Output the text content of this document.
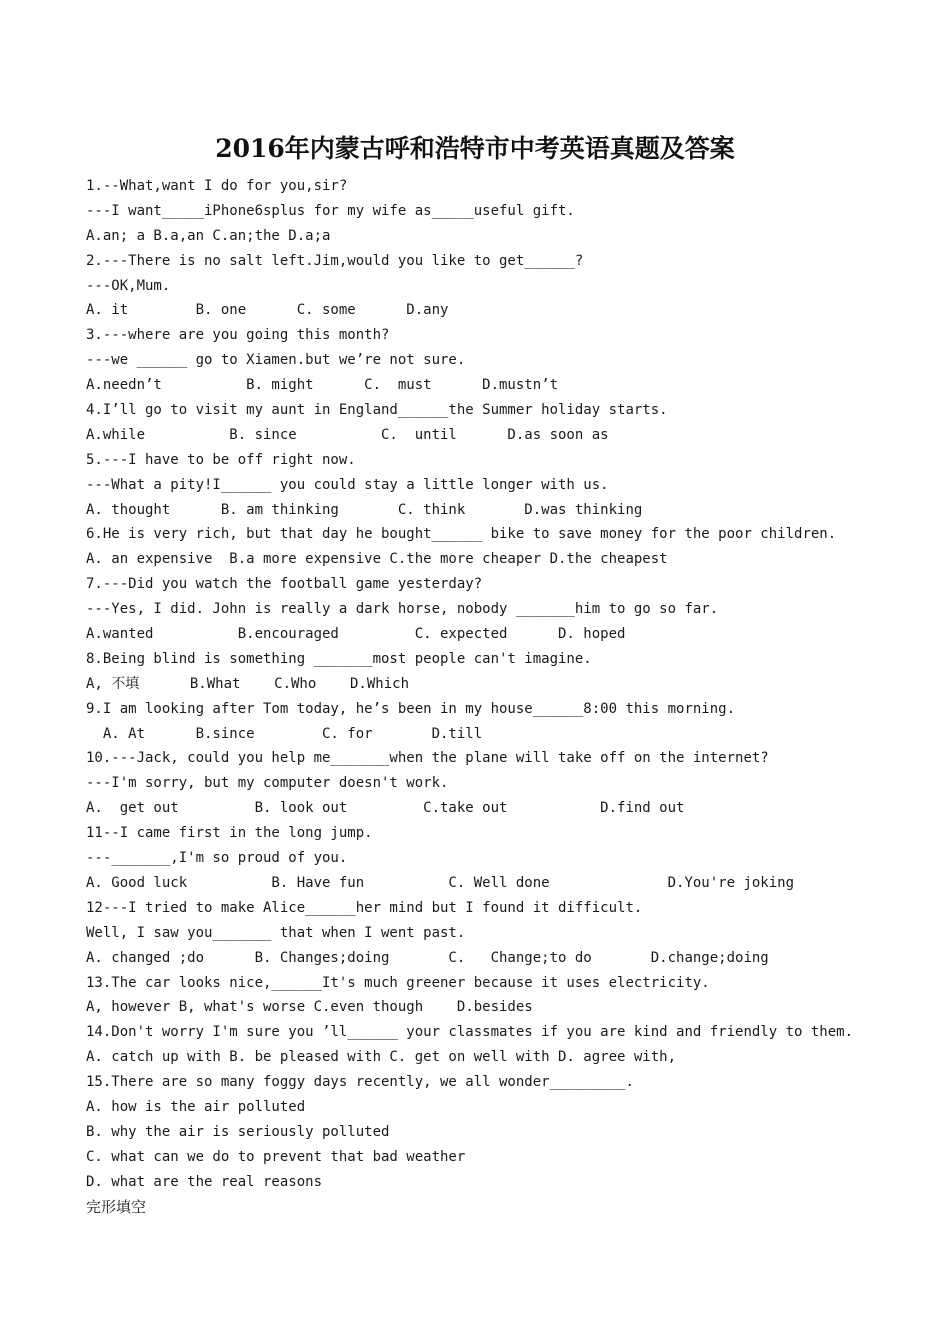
2016年内蒙古呼和浩特市中考英语真题及答案
1.--What,want I do for you,sir?
---I want_____iPhone6splus for my wife as_____useful gift.
A.an; a B.a,an C.an;the D.a;a
2.---There is no salt left.Jim,would you like to get______?
---OK,Mum.
A. it        B. one      C. some      D.any
3.---where are you going this month?
---we ______ go to Xiamen.but we’re not sure.
A.needn’t          B. might      C.  must      D.mustn’t
4.I’ll go to visit my aunt in England______the Summer holiday starts.
A.while          B. since          C.  until      D.as soon as
5.---I have to be off right now.
---What a pity!I______ you could stay a little longer with us.
A. thought      B. am thinking       C. think       D.was thinking
6.He is very rich, but that day he bought______ bike to save money for the poor children.
A. an expensive  B.a more expensive C.the more cheaper D.the cheapest
7.---Did you watch the football game yesterday?
---Yes, I did. John is really a dark horse, nobody _______him to go so far.
A.wanted          B.encouraged         C. expected      D. hoped
8.Being blind is something _______most people can't imagine.
A, 不填      B.What    C.Who    D.Which
9.I am looking after Tom today, he’s been in my house______8:00 this morning.
A. At      B.since        C. for       D.till
10.---Jack, could you help me_______when the plane will take off on the internet?
---I'm sorry, but my computer doesn't work.
A.  get out         B. look out         C.take out           D.find out
11--I came first in the long jump.
---_______,I'm so proud of you.
A. Good luck          B. Have fun          C. Well done              D.You're joking
12---I tried to make Alice______her mind but I found it difficult.
Well, I saw you_______ that when I went past.
A. changed ;do      B. Changes;doing       C.   Change;to do       D.change;doing
13.The car looks nice,______It's much greener because it uses electricity.
A, however B, what's worse C.even though    D.besides
14.Don't worry I'm sure you ’ll______ your classmates if you are kind and friendly to them.
A. catch up with B. be pleased with C. get on well with D. agree with,
15.There are so many foggy days recently, we all wonder_________.
A. how is the air polluted
B. why the air is seriously polluted
C. what can we do to prevent that bad weather
D. what are the real reasons
完形填空
